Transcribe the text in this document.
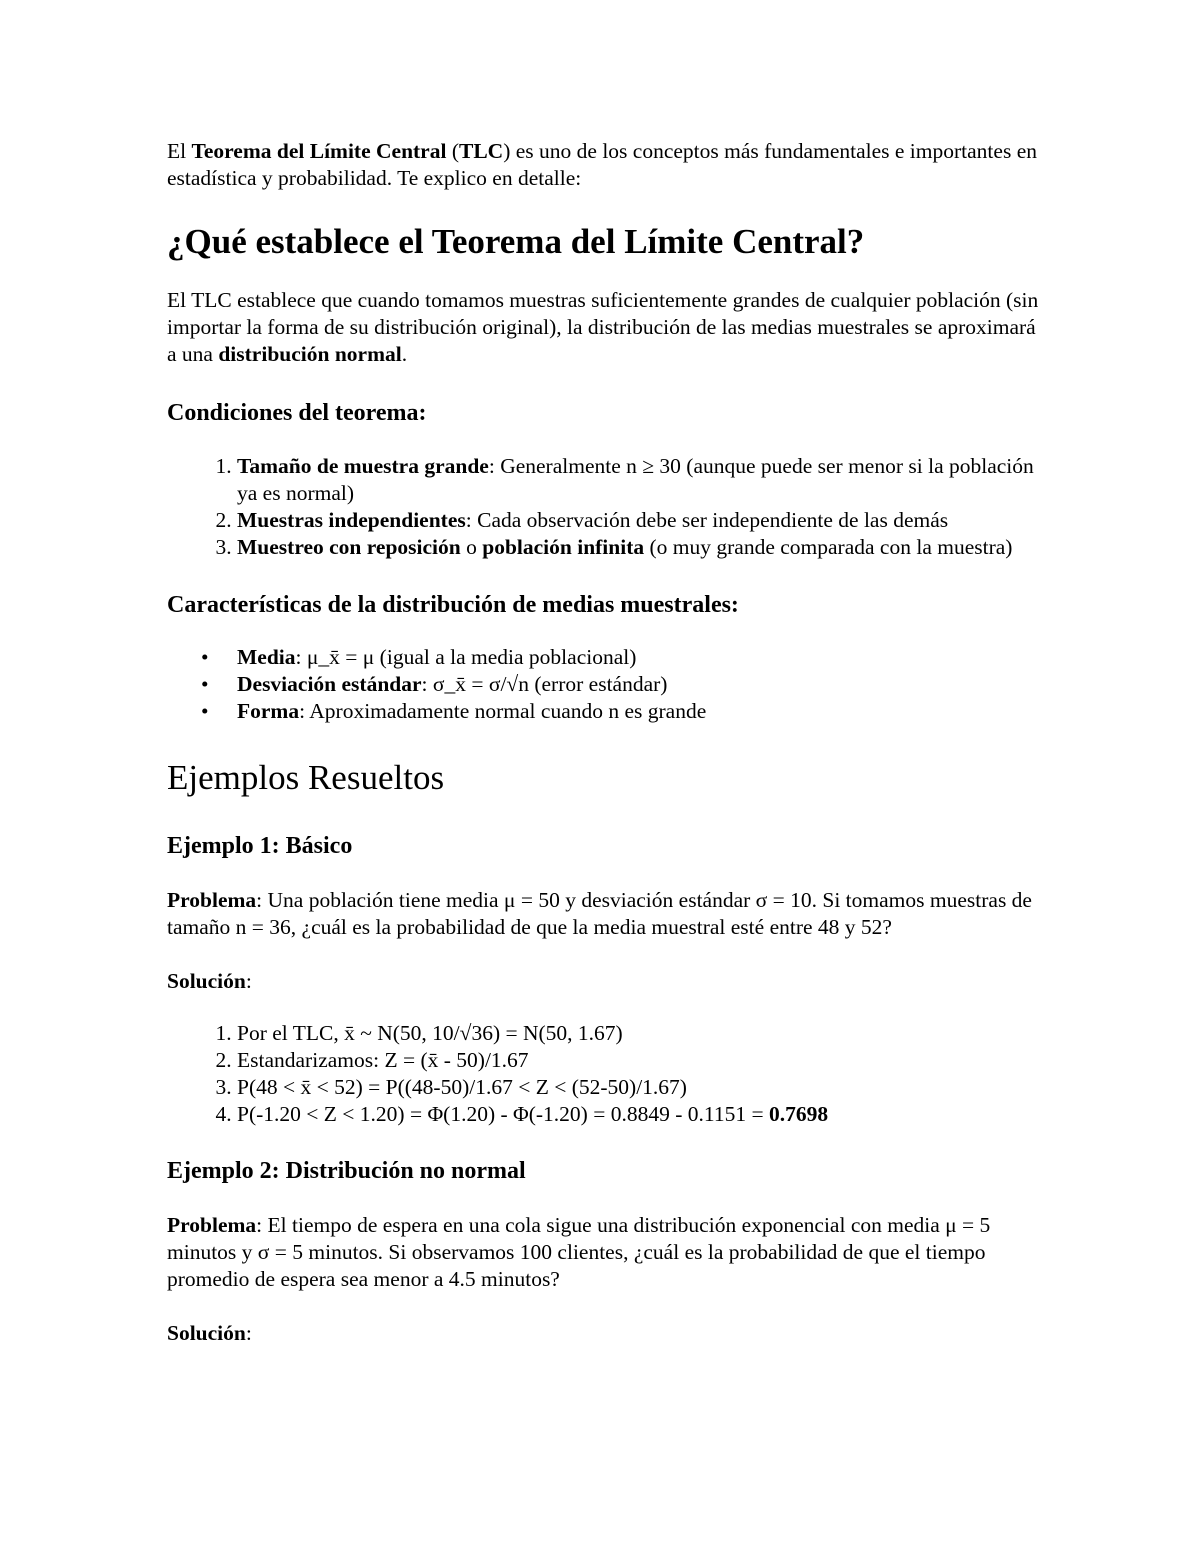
El Teorema del Límite Central (TLC) es uno de los conceptos más fundamentales e importantes en estadística y probabilidad. Te explico en detalle:

¿Qué establece el Teorema del Límite Central?

El TLC establece que cuando tomamos muestras suficientemente grandes de cualquier población (sin importar la forma de su distribución original), la distribución de las medias muestrales se aproximará a una distribución normal.

Condiciones del teorema:
1. Tamaño de muestra grande: Generalmente n ≥ 30 (aunque puede ser menor si la población ya es normal)
2. Muestras independientes: Cada observación debe ser independiente de las demás
3. Muestreo con reposición o población infinita (o muy grande comparada con la muestra)
Características de la distribución de medias muestrales:
• Media: μ_x̄ = μ (igual a la media poblacional)
• Desviación estándar: σ_x̄ = σ/√n (error estándar)
• Forma: Aproximadamente normal cuando n es grande
Ejemplos Resueltos
Ejemplo 1: Básico

Problema: Una población tiene media μ = 50 y desviación estándar σ = 10. Si tomamos muestras de tamaño n = 36, ¿cuál es la probabilidad de que la media muestral esté entre 48 y 52?

Solución:

1. Por el TLC, x̄ ~ N(50, 10/√36) = N(50, 1.67)
2. Estandarizamos: Z = (x̄ - 50)/1.67
3. P(48 < x̄ < 52) = P((48-50)/1.67 < Z < (52-50)/1.67)
4. P(-1.20 < Z < 1.20) = Φ(1.20) - Φ(-1.20) = 0.8849 - 0.1151 = 0.7698
Ejemplo 2: Distribución no normal

Problema: El tiempo de espera en una cola sigue una distribución exponencial con media μ = 5 minutos y σ = 5 minutos. Si observamos 100 clientes, ¿cuál es la probabilidad de que el tiempo promedio de espera sea menor a 4.5 minutos?

Solución:
